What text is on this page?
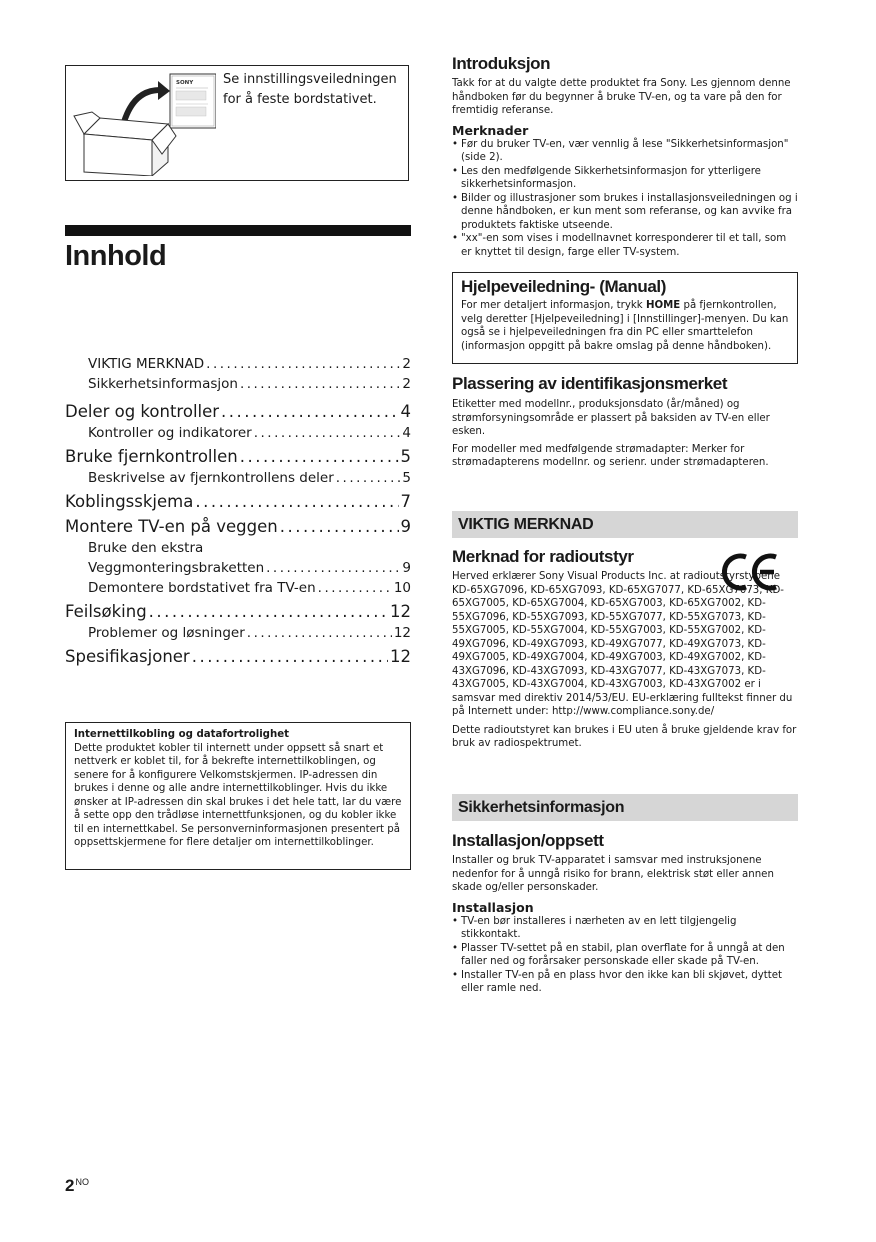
SONY Se innstillingsveiledningen for å feste bordstativet.
Innhold
VIKTIG MERKNAD .....	2
Sikkerhetsinformasjon .....	2
Deler og kontroller .....	4
Kontroller og indikatorer .....	4
Bruke fjernkontrollen .....	5
Beskrivelse av fjernkontrollens deler .....	5
Koblingsskjema .....	7
Montere TV-en på veggen .....	9
Bruke den ekstra
Veggmonteringsbraketten .....	9
Demontere bordstativet fra TV-en .....	10
Feilsøking .....	12
Problemer og løsninger .....	12
Spesifikasjoner .....	12
Internettilkobling og datafortrolighet
Dette produktet kobler til internett under oppsett så snart et nettverk er koblet til, for å bekrefte internettilkoblingen, og senere for å konfigurere Velkomstskjermen. IP-adressen din brukes i denne og alle andre internettilkoblinger. Hvis du ikke ønsker at IP-adressen din skal brukes i det hele tatt, lar du være å sette opp den trådløse internettfunksjonen, og du kobler ikke til en internettkabel. Se personverninformasjonen presentert på oppsettskjermene for flere detaljer om internettilkoblinger.
$2^{NO}$
Introduksjon
Takk for at du valgte dette produktet fra Sony. Les gjennom denne håndboken før du begynner å bruke TV-en, og ta vare på den for fremtidig referanse.
Merknader
• Før du bruker TV-en, vær vennlig å lese "Sikkerhetsinformasjon" (side 2).
• Les den medfølgende Sikkerhetsinformasjon for ytterligere sikkerhetsinformasjon.
• Bilder og illustrasjoner som brukes i installasjonsveiledningen og i denne håndboken, er kun ment som referanse, og kan avvike fra produktets faktiske utseende.
• "xx"-en som vises i modellnavnet korresponderer til et tall, som er knyttet til design, farge eller TV-system.
Hjelpeveiledning- (Manual)
For mer detaljert informasjon, trykk HOME på fjernkontrollen, velg deretter [Hjelpeveiledning] i [Innstillinger]-menyen. Du kan også se i hjelpeveiledningen fra din PC eller smarttelefon (informasjon oppgitt på bakre omslag på denne håndboken).
Plassering av identifikasjonsmerket
Etiketter med modellnr., produksjonsdato (år/måned) og strømforsyningsområde er plassert på baksiden av TV-en eller esken.
For modeller med medfølgende strømadapter: Merker for strømadapterens modellnr. og serienr. under strømadapteren.
VIKTIG MERKNAD
Merknad for radioutstyr
Herved erklærer Sony Visual Products Inc. at radioutstyrstypene KD-65XG7096, KD-65XG7093, KD-65XG7077, KD-65XG7073, KD-65XG7005, KD-65XG7004, KD-65XG7003, KD-65XG7002, KD-55XG7096, KD-55XG7093, KD-55XG7077, KD-55XG7073, KD-55XG7005, KD-55XG7004, KD-55XG7003, KD-55XG7002, KD-49XG7096, KD-49XG7093, KD-49XG7077, KD-49XG7073, KD-49XG7005, KD-49XG7004, KD-49XG7003, KD-49XG7002, KD-43XG7096, KD-43XG7093, KD-43XG7077, KD-43XG7073, KD-43XG7005, KD-43XG7004, KD-43XG7003, KD-43XG7002 er i samsvar med direktiv 2014/53/EU. EU-erklæring fulltekst finner du på Internett under: http://www.compliance.sony.de/
Dette radioutstyret kan brukes i EU uten å bruke gjeldende krav for bruk av radiospektrumet.
Sikkerhetsinformasjon
Installasjon/oppsett
Installer og bruk TV-apparatet i samsvar med instruksjonene nedenfor for å unngå risiko for brann, elektrisk støt eller annen skade og/eller personskader.
Installasjon
• TV-en bør installeres i nærheten av en lett tilgjengelig stikkontakt.
• Plasser TV-settet på en stabil, plan overflate for å unngå at den faller ned og forårsaker personskade eller skade på TV-en.
• Installer TV-en på en plass hvor den ikke kan bli skjøvet, dyttet eller ramle ned.
